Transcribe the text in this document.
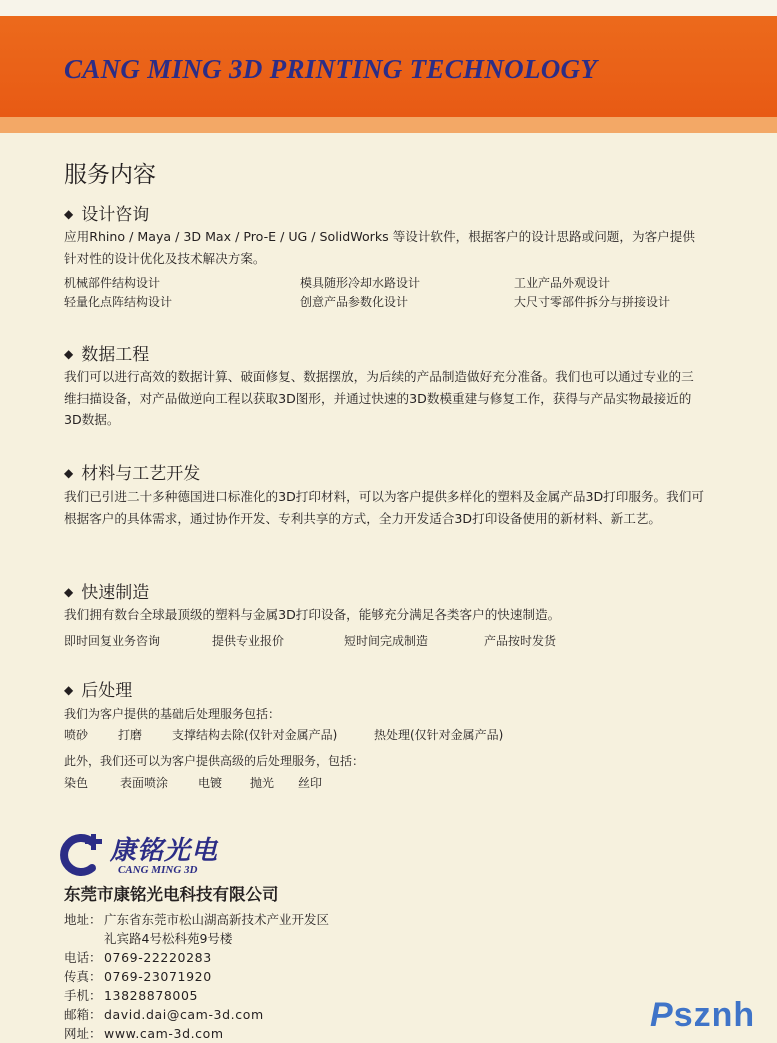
CANG MING 3D PRINTING TECHNOLOGY
服务内容
◆ 设计咨询
应用Rhino / Maya / 3D Max / Pro-E / UG / SolidWorks 等设计软件，根据客户的设计思路或问题，为客户提供针对性的设计优化及技术解决方案。
机械部件结构设计	模具随形冷却水路设计	工业产品外观设计
轻量化点阵结构设计	创意产品参数化设计	大尺寸零部件拆分与拼接设计
◆ 数据工程
我们可以进行高效的数据计算、破面修复、数据摆放，为后续的产品制造做好充分准备。我们也可以通过专业的三维扫描设备，对产品做逆向工程以获取3D图形，并通过快速的3D数模重建与修复工作，获得与产品实物最接近的3D数据。
◆ 材料与工艺开发
我们已引进二十多种德国进口标准化的3D打印材料，可以为客户提供多样化的塑料及金属产品3D打印服务。我们可根据客户的具体需求，通过协作开发、专利共享的方式，全力开发适合3D打印设备使用的新材料、新工艺。
◆ 快速制造
我们拥有数台全球最顶级的塑料与金属3D打印设备，能够充分满足各类客户的快速制造。
即时回复业务咨询	提供专业报价	短时间完成制造	产品按时发货
◆ 后处理
我们为客户提供的基础后处理服务包括：
喷砂 打磨 支撑结构去除(仅针对金属产品)	热处理(仅针对金属产品)
此外，我们还可以为客户提供高级的后处理服务，包括：
染色	表面喷涂 电镀 抛光 丝印
康铭光电
CANG MING 3D
东莞市康铭光电科技有限公司
地址： 广东省东莞市松山湖高新技术产业开发区
礼宾路4号松科苑9号楼
电话： 0769-22220283
传真： 0769-23071920
手机： 13828878005
邮箱： david.dai@cam-3d.com
网址： www.cam-3d.com	Psznh
